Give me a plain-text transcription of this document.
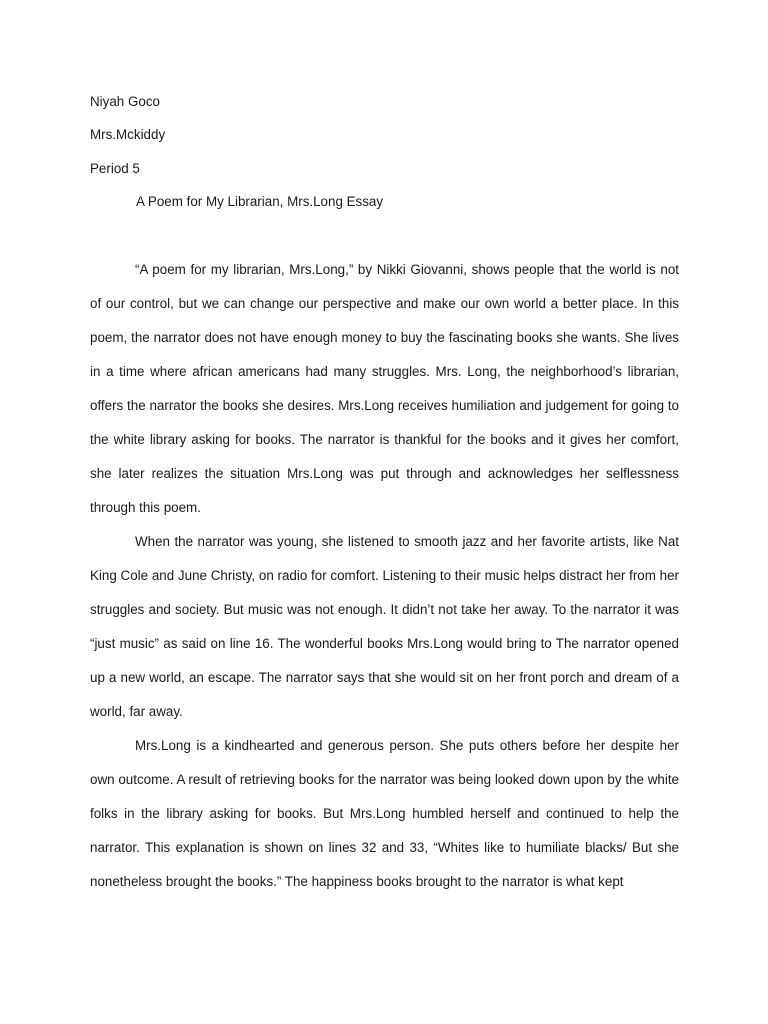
Niyah Goco
Mrs.Mckiddy
Period 5
A Poem for My Librarian, Mrs.Long Essay

“A poem for my librarian, Mrs.Long,” by Nikki Giovanni, shows people that the world is not of our control, but we can change our perspective and make our own world a better place. In this poem, the narrator does not have enough money to buy the fascinating books she wants. She lives in a time where african americans had many struggles. Mrs. Long, the neighborhood’s librarian, offers the narrator the books she desires. Mrs.Long receives humiliation and judgement for going to the white library asking for books. The narrator is thankful for the books and it gives her comfort, she later realizes the situation Mrs.Long was put through and acknowledges her selflessness through this poem.

When the narrator was young, she listened to smooth jazz and her favorite artists, like Nat King Cole and June Christy, on radio for comfort. Listening to their music helps distract her from her struggles and society. But music was not enough. It didn’t not take her away. To the narrator it was “just music” as said on line 16. The wonderful books Mrs.Long would bring to The narrator opened up a new world, an escape. The narrator says that she would sit on her front porch and dream of a world, far away.

Mrs.Long is a kindhearted and generous person. She puts others before her despite her own outcome. A result of retrieving books for the narrator was being looked down upon by the white folks in the library asking for books. But Mrs.Long humbled herself and continued to help the narrator. This explanation is shown on lines 32 and 33, “Whites like to humiliate blacks/ But she nonetheless brought the books.” The happiness books brought to the narrator is what kept
